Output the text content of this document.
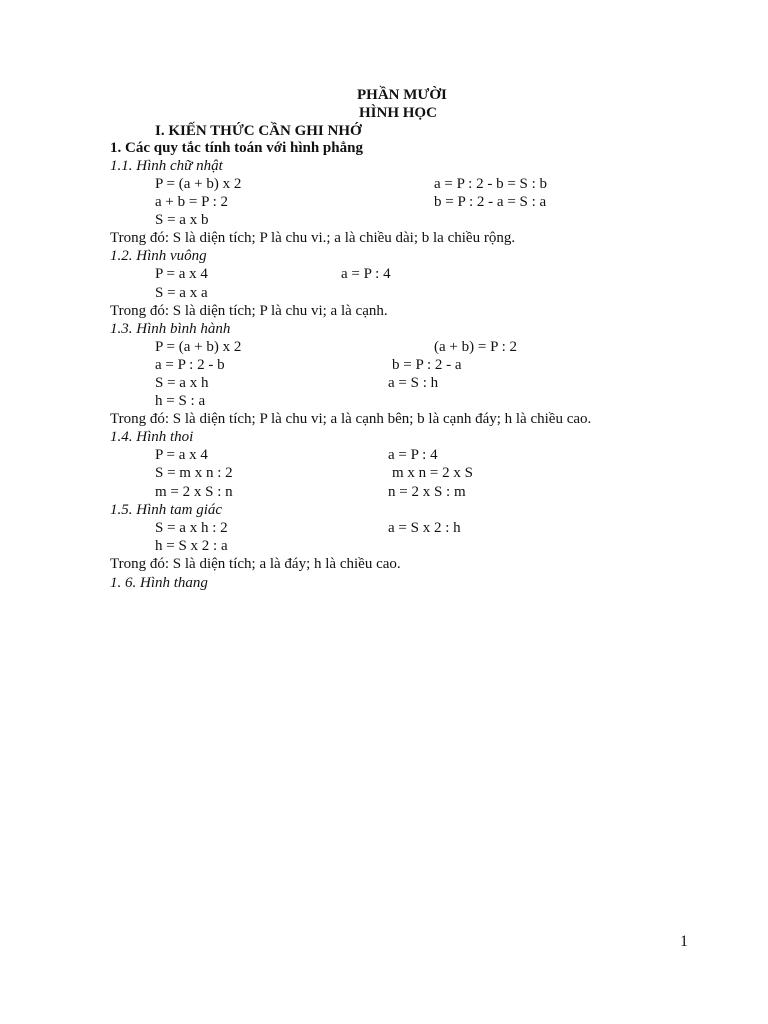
PHẦN MƯỜI
HÌNH HỌC
I. KIẾN THỨC CẦN GHI NHỚ
1. Các quy tắc tính toán với hình phẳng
1.1. Hình chữ nhật
P = (a + b) x 2	a = P : 2 - b = S : b
a + b = P : 2	b = P : 2 - a = S : a
S = a x b
Trong đó: S là diện tích; P là chu vi.; a là chiều dài; b la chiều rộng.
1.2. Hình vuông
P = a x 4	a = P : 4
S = a x a
Trong đó: S là diện tích; P là chu vi; a là cạnh.
1.3. Hình bình hành
P = (a + b) x 2	(a + b) = P : 2
a = P : 2 - b	b = P : 2 - a
S = a x h	a = S : h
h = S : a
Trong đó: S là diện tích; P là chu vi; a là cạnh bên; b là cạnh đáy; h là chiều cao.
1.4. Hình thoi
P = a x 4	a = P : 4
S = m x n : 2	m x n = 2 x S
m = 2 x S : n	n = 2 x S : m
1.5. Hình tam giác
S = a x h : 2	a = S x 2 : h
h = S x 2 : a
Trong đó: S là diện tích; a là đáy; h là chiều cao.
1. 6. Hình thang
1
